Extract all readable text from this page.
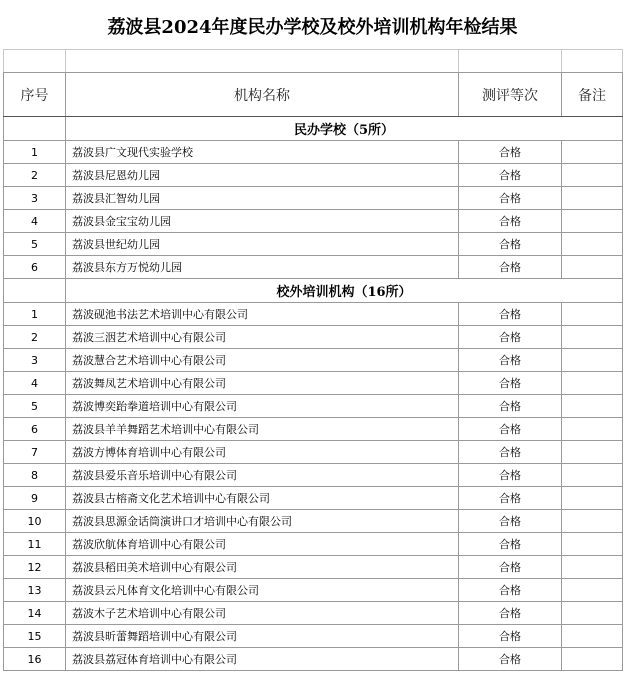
荔波县2024年度民办学校及校外培训机构年检结果

序号	机构名称	测评等次	备注
	民办学校（5所）		
1	荔波县广文现代实验学校	合格	
2	荔波县尼恩幼儿园	合格	
3	荔波县汇智幼儿园	合格	
4	荔波县金宝宝幼儿园	合格	
5	荔波县世纪幼儿园	合格	
6	荔波县东方万悦幼儿园	合格	
	校外培训机构（16所）		
1	荔波砚池书法艺术培训中心有限公司	合格	
2	荔波三洇艺术培训中心有限公司	合格	
3	荔波慧合艺术培训中心有限公司	合格	
4	荔波舞凤艺术培训中心有限公司	合格	
5	荔波博奕跆拳道培训中心有限公司	合格	
6	荔波县羊羊舞蹈艺术培训中心有限公司	合格	
7	荔波方博体育培训中心有限公司	合格	
8	荔波县爱乐音乐培训中心有限公司	合格	
9	荔波县古榕斋文化艺术培训中心有限公司	合格	
10	荔波县思源金话筒演讲口才培训中心有限公司	合格	
11	荔波欣航体育培训中心有限公司	合格	
12	荔波县稻田美术培训中心有限公司	合格	
13	荔波县云凡体育文化培训中心有限公司	合格	
14	荔波木子艺术培训中心有限公司	合格	
15	荔波县昕蕾舞蹈培训中心有限公司	合格	
16	荔波县荔冠体育培训中心有限公司	合格	
